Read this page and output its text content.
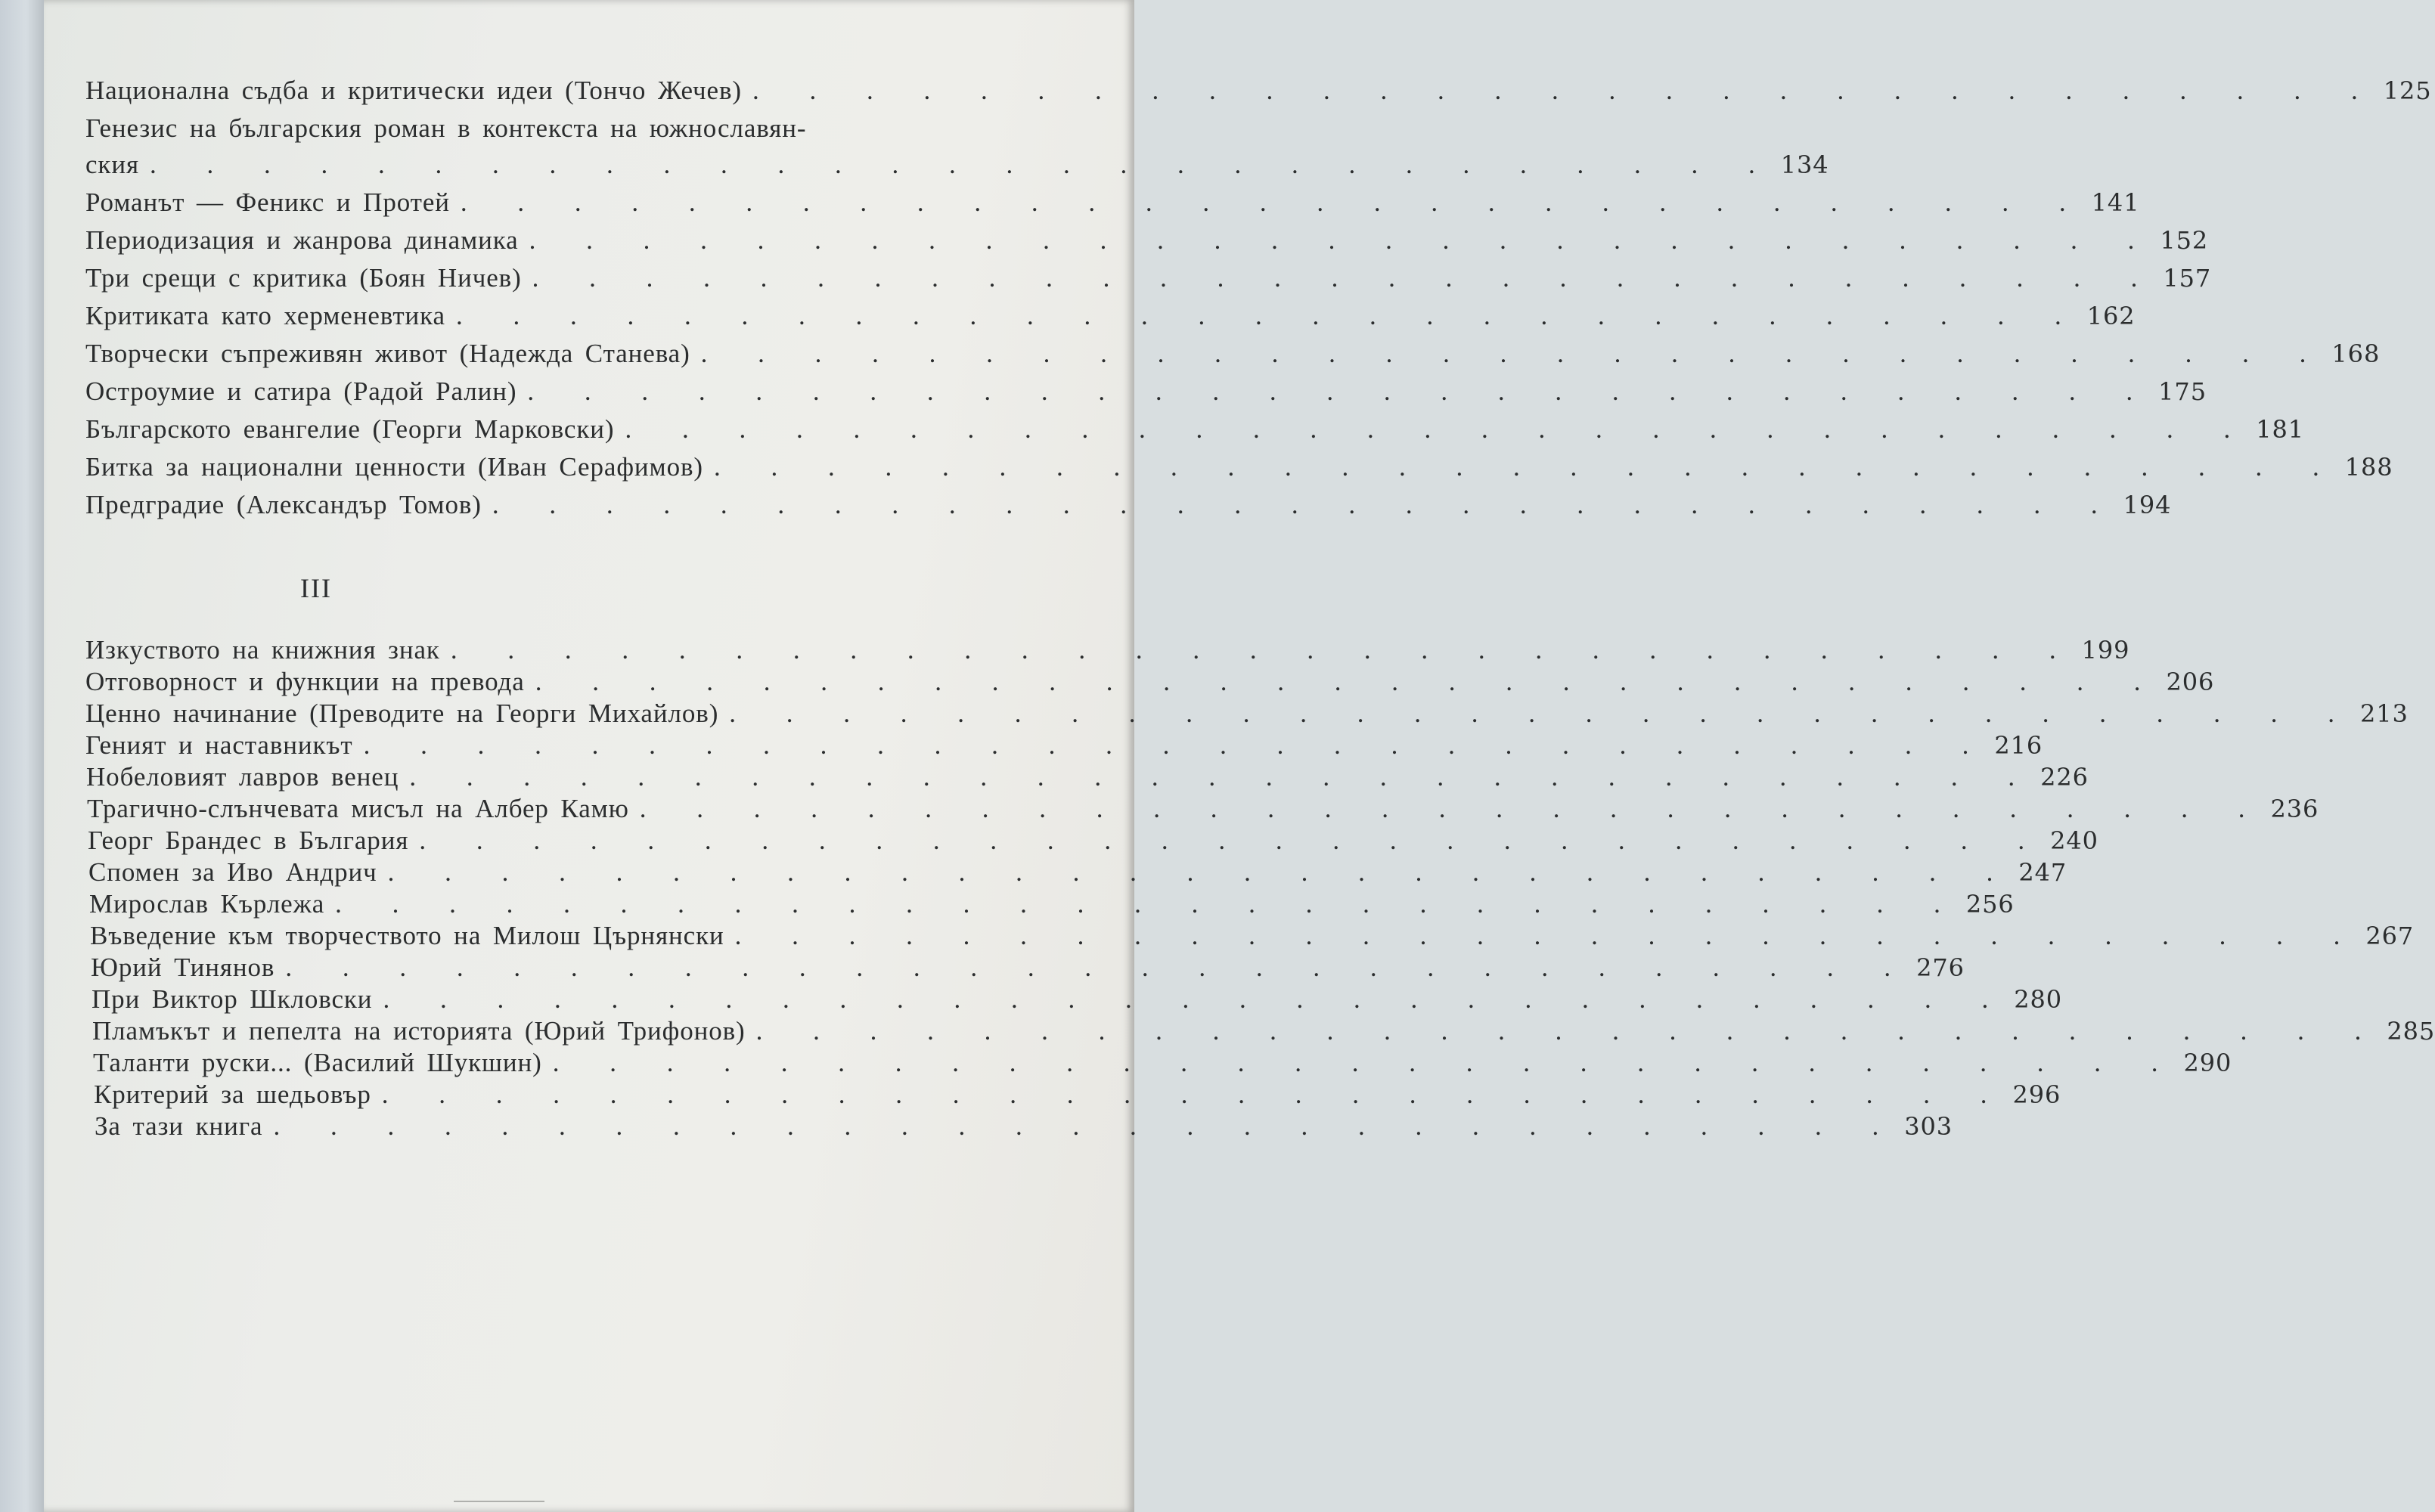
Национална съдба и критически идеи (Тончо Жечев) . . . . . . . . . . . . . . . . . . . . . . . . . . . . . 125
Генезис на българския роман в контекста на южнославян-
ския . . . . . . . . . . . . . . . . . . . . . . . . . . . . . 134
Романът — Феникс и Протей . . . . . . . . . . . . . . . . . . . . . . . . . . . . . 141
Периодизация и жанрова динамика . . . . . . . . . . . . . . . . . . . . . . . . . . . . . 152
Три срещи с критика (Боян Ничев) . . . . . . . . . . . . . . . . . . . . . . . . . . . . . 157
Критиката като херменевтика . . . . . . . . . . . . . . . . . . . . . . . . . . . . . 162
Творчески съпреживян живот (Надежда Станева) . . . . . . . . . . . . . . . . . . . . . . . . . . . . . 168
Остроумие и сатира (Радой Ралин) . . . . . . . . . . . . . . . . . . . . . . . . . . . . . 175
Българското евангелие (Георги Марковски) . . . . . . . . . . . . . . . . . . . . . . . . . . . . . 181
Битка за национални ценности (Иван Серафимов) . . . . . . . . . . . . . . . . . . . . . . . . . . . . . 188
Предградие (Александър Томов) . . . . . . . . . . . . . . . . . . . . . . . . . . . . . 194
Изкуството на книжния знак . . . . . . . . . . . . . . . . . . . . . . . . . . . . . 199
Отговорност и функции на превода . . . . . . . . . . . . . . . . . . . . . . . . . . . . . 206
Ценно начинание (Преводите на Георги Михайлов) . . . . . . . . . . . . . . . . . . . . . . . . . . . . . 213
Геният и наставникът . . . . . . . . . . . . . . . . . . . . . . . . . . . . . 216
Нобеловият лавров венец . . . . . . . . . . . . . . . . . . . . . . . . . . . . . 226
Трагично-слънчевата мисъл на Албер Камю . . . . . . . . . . . . . . . . . . . . . . . . . . . . . 236
Георг Брандес в България . . . . . . . . . . . . . . . . . . . . . . . . . . . . . 240
Спомен за Иво Андрич . . . . . . . . . . . . . . . . . . . . . . . . . . . . . 247
Мирослав Кърлежа . . . . . . . . . . . . . . . . . . . . . . . . . . . . . 256
Въведение към творчеството на Милош Църнянски . . . . . . . . . . . . . . . . . . . . . . . . . . . . . 267
Юрий Тинянов . . . . . . . . . . . . . . . . . . . . . . . . . . . . . 276
При Виктор Шкловски . . . . . . . . . . . . . . . . . . . . . . . . . . . . . 280
Пламъкът и пепелта на историята (Юрий Трифонов) . . . . . . . . . . . . . . . . . . . . . . . . . . . . . 285
Таланти руски... (Василий Шукшин) . . . . . . . . . . . . . . . . . . . . . . . . . . . . . 290
Критерий за шедьовър . . . . . . . . . . . . . . . . . . . . . . . . . . . . . 296
За тази книга . . . . . . . . . . . . . . . . . . . . . . . . . . . . . 303
III
